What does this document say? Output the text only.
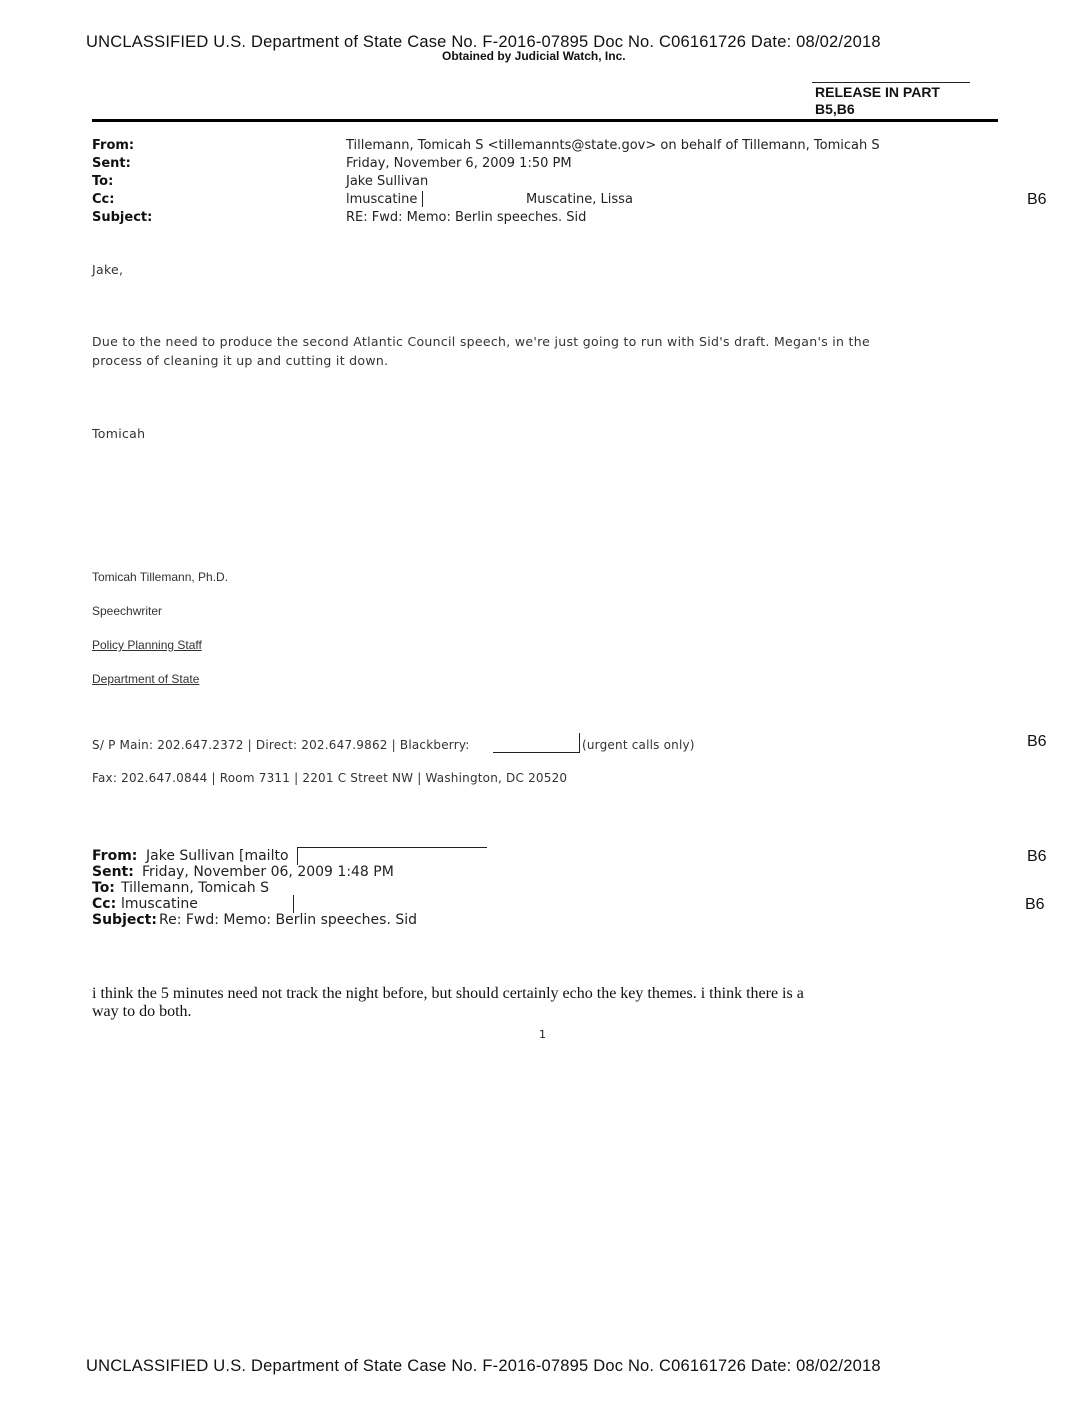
UNCLASSIFIED U.S. Department of State Case No. F-2016-07895 Doc No. C06161726 Date: 08/02/2018
Obtained by Judicial Watch, Inc.
RELEASE IN PART
B5,B6
From:	Tillemann, Tomicah S <tillemannts@state.gov> on behalf of Tillemann, Tomicah S
Sent:	Friday, November 6, 2009 1:50 PM
To:	Jake Sullivan
Cc:	lmuscatine	Muscatine, Lissa	B6
Subject:	RE: Fwd: Memo: Berlin speeches. Sid
Jake,
Due to the need to produce the second Atlantic Council speech, we're just going to run with Sid's draft. Megan's in the
process of cleaning it up and cutting it down.
Tomicah
Tomicah Tillemann, Ph.D.
Speechwriter
Policy Planning Staff
Department of State
S/ P Main: 202.647.2372 | Direct: 202.647.9862 | Blackberry:	(urgent calls only)	B6
Fax: 202.647.0844 | Room 7311 | 2201 C Street NW | Washington, DC 20520
From: Jake Sullivan [mailto	B6
Sent: Friday, November 06, 2009 1:48 PM
To: Tillemann, Tomicah S
Cc: lmuscatine	B6
Subject: Re: Fwd: Memo: Berlin speeches. Sid
i think the 5 minutes need not track the night before, but should certainly echo the key themes. i think there is a
way to do both.
1
UNCLASSIFIED U.S. Department of State Case No. F-2016-07895 Doc No. C06161726 Date: 08/02/2018
